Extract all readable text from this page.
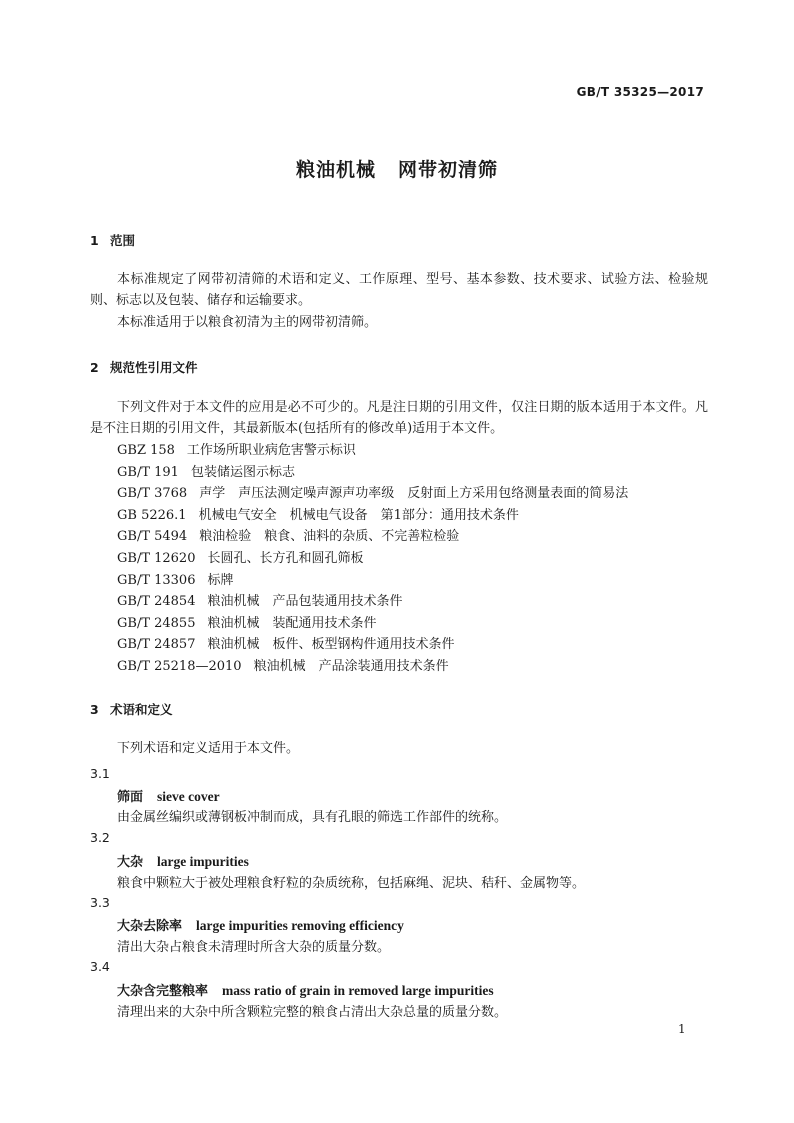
GB/T 35325—2017
粮油机械 网带初清筛
1 范围

本标准规定了网带初清筛的术语和定义、工作原理、型号、基本参数、技术要求、试验方法、检验规则、标志以及包装、储存和运输要求。

本标准适用于以粮食初清为主的网带初清筛。

2 规范性引用文件

下列文件对于本文件的应用是必不可少的。凡是注日期的引用文件，仅注日期的版本适用于本文件。凡是不注日期的引用文件，其最新版本(包括所有的修改单)适用于本文件。

GBZ 158 工作场所职业病危害警示标识
GB/T 191 包装储运图示标志
GB/T 3768 声学　声压法测定噪声源声功率级　反射面上方采用包络测量表面的简易法
GB 5226.1 机械电气安全　机械电气设备　第1部分：通用技术条件
GB/T 5494 粮油检验　粮食、油料的杂质、不完善粒检验
GB/T 12620 长圆孔、长方孔和圆孔筛板
GB/T 13306 标牌
GB/T 24854 粮油机械　产品包装通用技术条件
GB/T 24855 粮油机械　装配通用技术条件
GB/T 24857 粮油机械　板件、板型钢构件通用技术条件
GB/T 25218—2010 粮油机械　产品涂装通用技术条件
3 术语和定义

下列术语和定义适用于本文件。

3.1
筛面 sieve cover
由金属丝编织或薄钢板冲制而成，具有孔眼的筛选工作部件的统称。
3.2
大杂 large impurities
粮食中颗粒大于被处理粮食籽粒的杂质统称，包括麻绳、泥块、秸秆、金属物等。
3.3
大杂去除率 large impurities removing efficiency
清出大杂占粮食未清理时所含大杂的质量分数。
3.4
大杂含完整粮率 mass ratio of grain in removed large impurities
清理出来的大杂中所含颗粒完整的粮食占清出大杂总量的质量分数。
1
